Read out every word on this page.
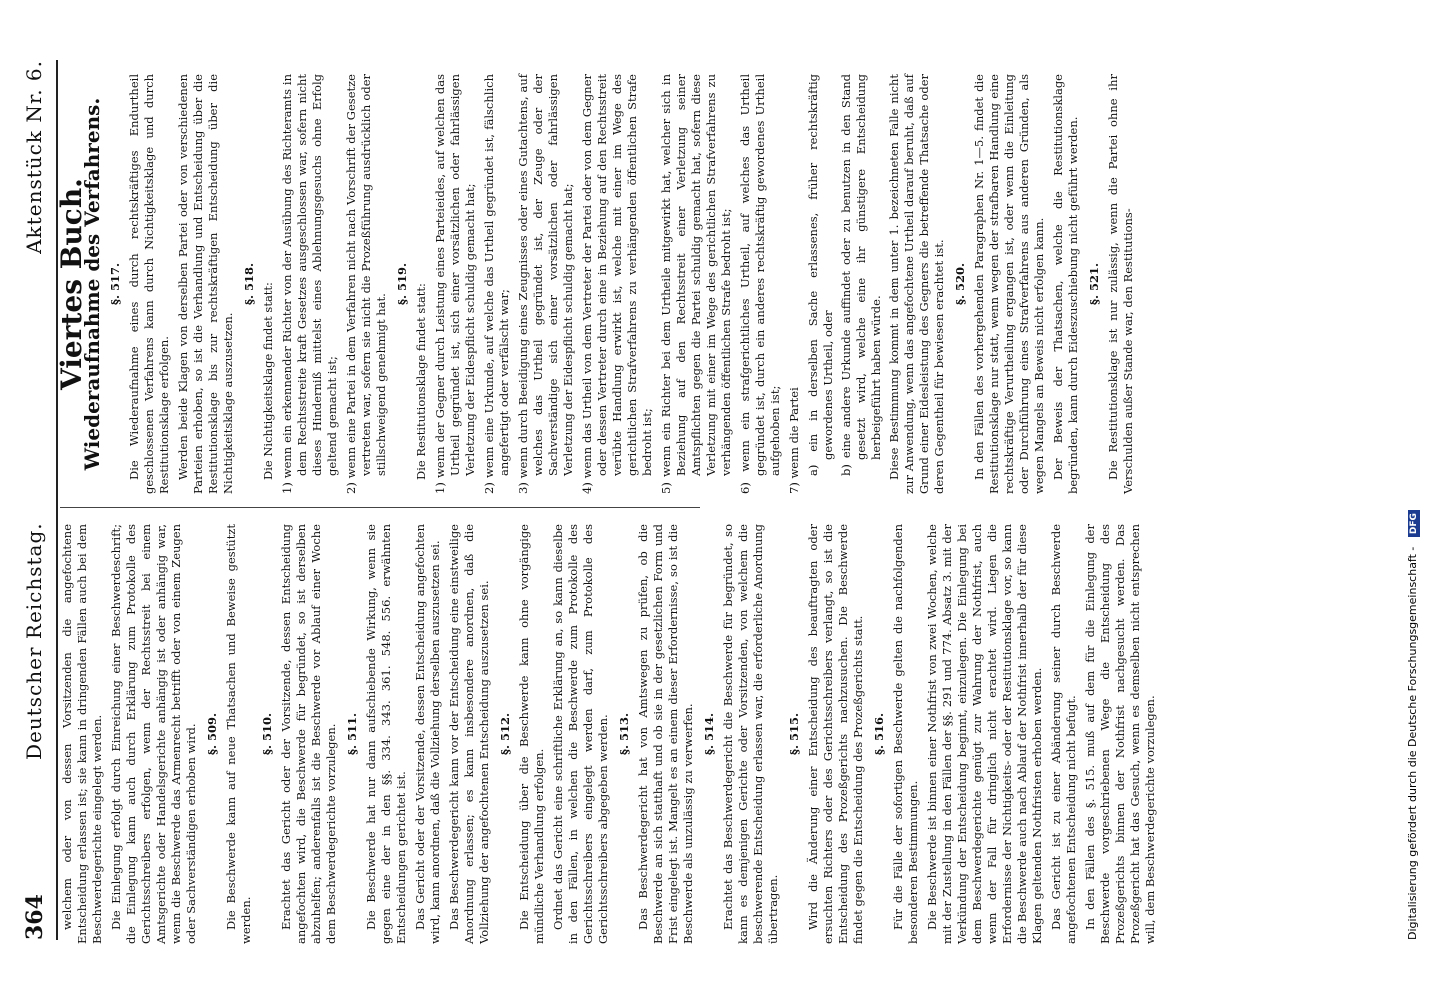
364
Deutscher Reichstag.
Aktenstück Nr. 6.

welchem oder von dessen Vorsitzenden die angefochtene Entscheidung erlassen ist; sie kann in dringenden Fällen auch bei dem Beschwerdegerichte eingelegt werden. Die Einlegung erfolgt durch Einreichung einer Beschwerdeschrift; die Einlegung kann auch durch Erklärung zum Protokolle des Gerichtsschreibers erfolgen, wenn der Rechtsstreit bei einem Amtsgerichte oder Handelsgerichte anhängig ist oder anhängig war, wenn die Beschwerde das Armenrecht betrifft oder von einem Zeugen oder Sachverständigen erhoben wird. §. 509. Die Beschwerde kann auf neue Thatsachen und Beweise gestützt werden.

§. 510. Erachtet das Gericht oder der Vorsitzende, dessen Entscheidung angefochten wird, die Beschwerde für begründet, so ist derselben abzuhelfen; anderenfalls ist die Beschwerde vor Ablauf einer Woche dem Beschwerdegerichte vorzulegen. §. 511. Die Beschwerde hat nur dann aufschiebende Wirkung, wenn sie gegen eine der in den §§. 334. 343. 361. 548. 556. erwähnten Entscheidungen gerichtet ist. Das Gericht oder der Vorsitzende, dessen Entscheidung angefochten wird, kann anordnen, daß die Vollziehung derselben auszusetzen sei. Das Beschwerdegericht kann vor der Entscheidung eine einstweilige Anordnung erlassen; es kann insbesondere anordnen, daß die Vollziehung der angefochtenen Entscheidung auszusetzen sei. §. 512. Die Entscheidung über die Beschwerde kann ohne vorgängige mündliche Verhandlung erfolgen. Ordnet das Gericht eine schriftliche Erklärung an, so kann dieselbe in den Fällen, in welchen die Beschwerde zum Protokolle des Gerichtsschreibers eingelegt werden darf, zum Protokolle des Gerichtsschreibers abgegeben werden. §. 513. Das Beschwerdegericht hat von Amtswegen zu prüfen, ob die Beschwerde an sich statthaft und ob sie in der gesetzlichen Form und Frist eingelegt ist. Mangelt es an einem dieser Erfordernisse, so ist die Beschwerde als unzulässig zu verwerfen. §. 514. Erachtet das Beschwerdegericht die Beschwerde für begründet, so kann es demjenigen Gerichte oder Vorsitzenden, von welchem die beschwerende Entscheidung erlassen war, die erforderliche Anordnung übertragen.

§. 515. Wird die Änderung einer Entscheidung des beauftragten oder ersuchten Richters oder des Gerichtsschreibers verlangt, so ist die Entscheidung des Prozeßgerichts nachzusuchen. Die Beschwerde findet gegen die Entscheidung des Prozeßgerichts statt. §. 516. Für die Fälle der sofortigen Beschwerde gelten die nachfolgenden besonderen Bestimmungen. Die Beschwerde ist binnen einer Nothfrist von zwei Wochen, welche mit der Zustellung in den Fällen der §§. 291 und 774. Absatz 3. mit der Verkündung der Entscheidung beginnt, einzulegen. Die Einlegung bei dem Beschwerdegerichte genügt zur Wahrung der Nothfrist, auch wenn der Fall für dringlich nicht erachtet wird. Liegen die Erfordernisse der Nichtigkeits- oder der Restitutionsklage vor, so kann die Beschwerde auch nach Ablauf der Nothfrist innerhalb der für diese Klagen geltenden Nothfristen erhoben werden. Das Gericht ist zu einer Abänderung seiner durch Beschwerde angefochtenen Entscheidung nicht befugt. In den Fällen des §. 515. muß auf dem für die Einlegung der Beschwerde vorgeschriebenen Wege die Entscheidung des Prozeßgerichts binnen der Nothfrist nachgesucht werden. Das Prozeßgericht hat das Gesuch, wenn es demselben nicht entsprechen will, dem Beschwerdegerichte vorzulegen.

Viertes Buch.
Wiederaufnahme des Verfahrens. §. 517. Die Wiederaufnahme eines durch rechtskräftiges Endurtheil geschlossenen Verfahrens kann durch Nichtigkeitsklage und durch Restitutionsklage erfolgen. Werden beide Klagen von derselben Partei oder von verschiedenen Parteien erhoben, so ist die Verhandlung und Entscheidung über die Restitutionsklage bis zur rechtskräftigen Entscheidung über die Nichtigkeitsklage auszusetzen.

§. 518. Die Nichtigkeitsklage findet statt: 1) wenn ein erkennender Richter von der Ausübung des Richteramts in dem Rechtsstreite kraft Gesetzes ausgeschlossen war, sofern nicht dieses Hinderniß mittelst eines Ablehnungsgesuchs ohne Erfolg geltend gemacht ist; 2) wenn eine Partei in dem Verfahren nicht nach Vorschrift der Gesetze vertreten war, sofern sie nicht die Prozeßführung ausdrücklich oder stillschweigend genehmigt hat.
§. 519. Die Restitutionsklage findet statt: 1) wenn der Gegner durch Leistung eines Parteieides, auf welchen das Urtheil gegründet ist, sich einer vorsätzlichen oder fahrlässigen Verletzung der Eidespflicht schuldig gemacht hat; 2) wenn eine Urkunde, auf welche das Urtheil gegründet ist, fälschlich angefertigt oder verfälscht war; 3) wenn durch Beeidigung eines Zeugnisses oder eines Gutachtens, auf welches das Urtheil gegründet ist, der Zeuge oder der Sachverständige sich einer vorsätzlichen oder fahrlässigen Verletzung der Eidespflicht schuldig gemacht hat; 4) wenn das Urtheil von dem Vertreter der Partei oder von dem Gegner oder dessen Vertreter durch eine in Beziehung auf den Rechtsstreit verübte Handlung erwirkt ist, welche mit einer im Wege des gerichtlichen Strafverfahrens zu verhängenden öffentlichen Strafe bedroht ist; 5) wenn ein Richter bei dem Urtheile mitgewirkt hat, welcher sich in Beziehung auf den Rechtsstreit einer Verletzung seiner Amtspflichten gegen die Partei schuldig gemacht hat, sofern diese Verletzung mit einer im Wege des gerichtlichen Strafverfahrens zu verhängenden öffentlichen Strafe bedroht ist; 6) wenn ein strafgerichtliches Urtheil, auf welches das Urtheil gegründet ist, durch ein anderes rechtskräftig gewordenes Urtheil aufgehoben ist; 7) wenn die Partei a) ein in derselben Sache erlassenes, früher rechtskräftig gewordenes Urtheil, oder b) eine andere Urkunde auffindet oder zu benutzen in den Stand gesetzt wird, welche eine ihr günstigere Entscheidung herbeigeführt haben würde. Diese Bestimmung kommt in dem unter 1. bezeichneten Falle nicht zur Anwendung, wenn das angefochtene Urtheil darauf beruht, daß auf Grund einer Eidesleistung des Gegners die betreffende Thatsache oder deren Gegentheil für bewiesen erachtet ist. §. 520. In den Fällen des vorhergehenden Paragraphen Nr. 1—5. findet die Restitutionsklage nur statt, wenn wegen der strafbaren Handlung eine rechtskräftige Verurtheilung ergangen ist, oder wenn die Einleitung oder Durchführung eines Strafverfahrens aus anderen Gründen, als wegen Mangels an Beweis nicht erfolgen kann. Der Beweis der Thatsachen, welche die Restitutionsklage begründen, kann durch Eideszuschiebung nicht geführt werden. §. 521. Die Restitutionsklage ist nur zulässig, wenn die Partei ohne ihr Verschulden außer Stande war, den Restitutions-

Digitalisierung gefördert durch die Deutsche Forschungsgemeinschaft - DFG
